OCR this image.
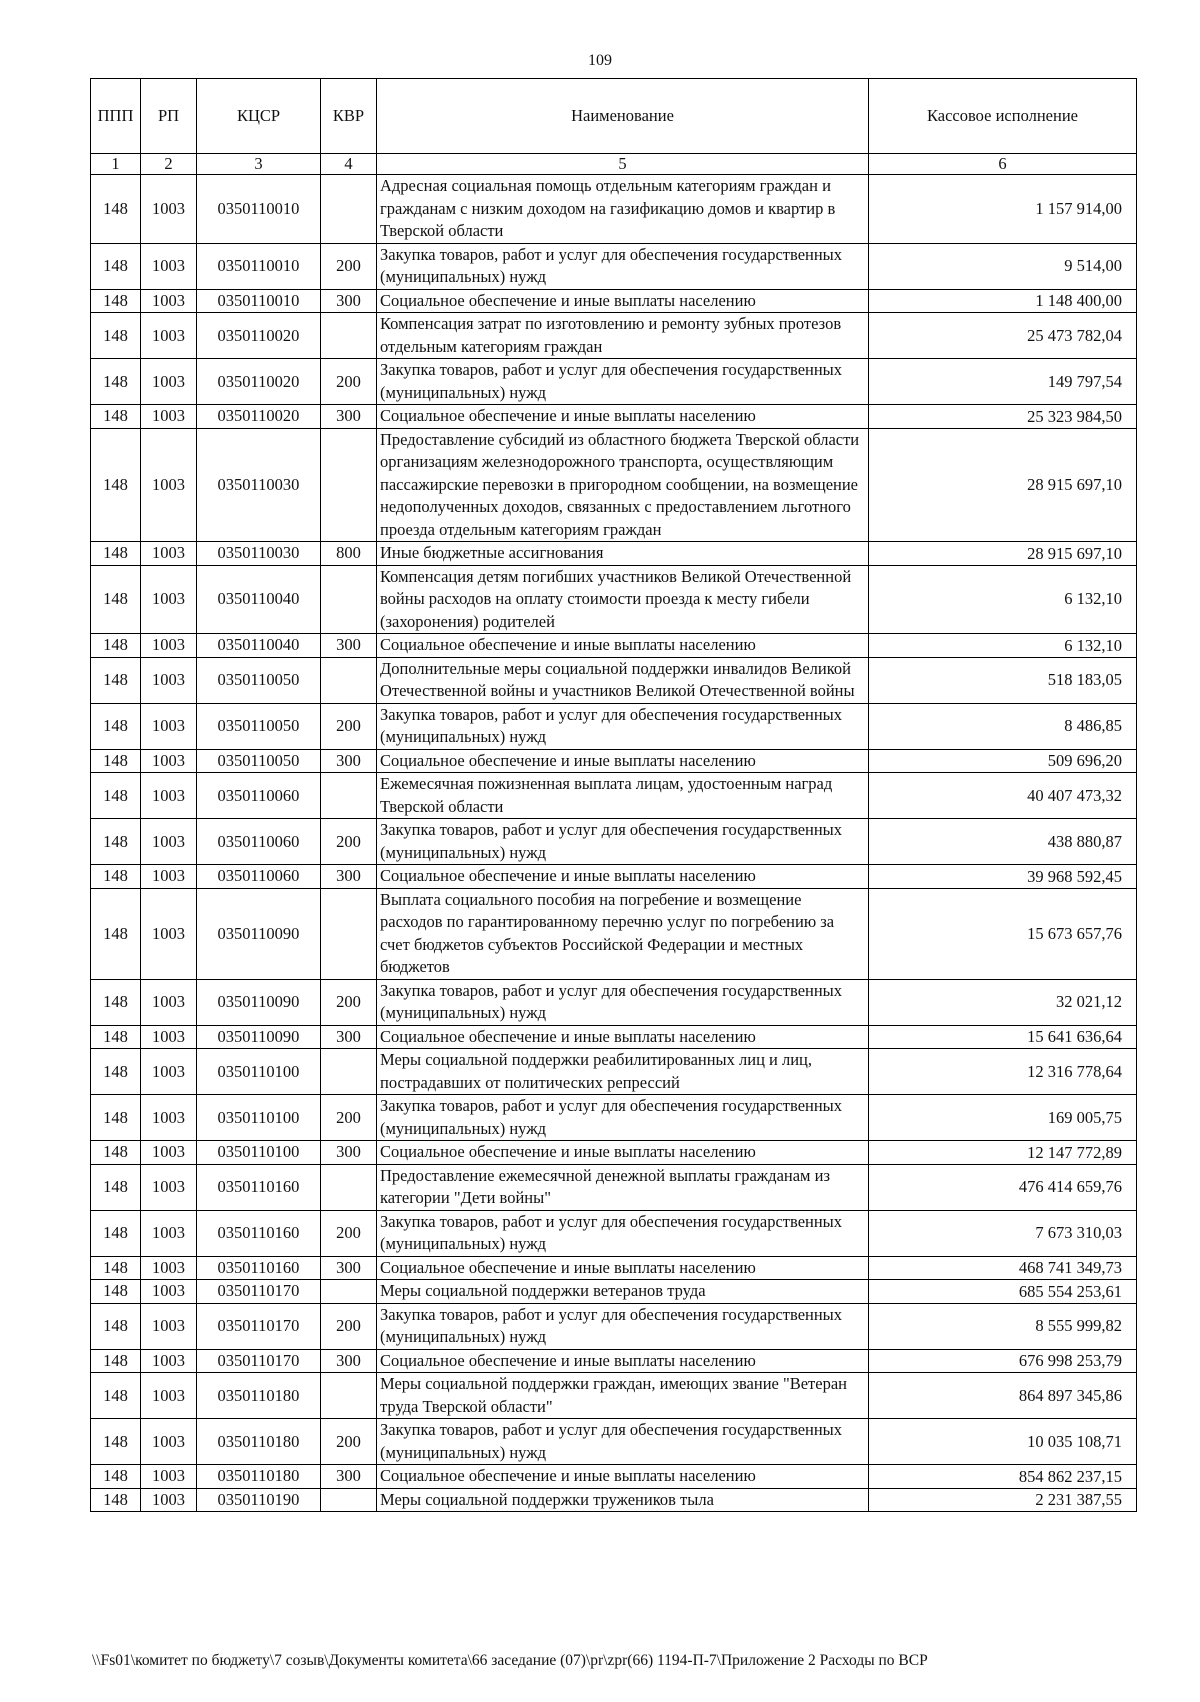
109
ППП	РП	КЦСР	КВР	Наименование	Кассовое исполнение
1	2	3	4	5	6
148	1003	0350110010		Адресная социальная помощь отдельным категориям граждан и гражданам с низким доходом на газификацию домов и квартир в Тверской области	1 157 914,00
148	1003	0350110010	200	Закупка товаров, работ и услуг для обеспечения государственных (муниципальных) нужд	9 514,00
148	1003	0350110010	300	Социальное обеспечение и иные выплаты населению	1 148 400,00
148	1003	0350110020		Компенсация затрат по изготовлению и ремонту зубных протезов отдельным категориям граждан	25 473 782,04
148	1003	0350110020	200	Закупка товаров, работ и услуг для обеспечения государственных (муниципальных) нужд	149 797,54
148	1003	0350110020	300	Социальное обеспечение и иные выплаты населению	25 323 984,50
148	1003	0350110030		Предоставление субсидий из областного бюджета Тверской области организациям железнодорожного транспорта, осуществляющим пассажирские перевозки в пригородном сообщении, на возмещение недополученных доходов, связанных с предоставлением льготного проезда отдельным категориям граждан	28 915 697,10
148	1003	0350110030	800	Иные бюджетные ассигнования	28 915 697,10
148	1003	0350110040		Компенсация детям погибших участников Великой Отечественной войны расходов на оплату стоимости проезда к месту гибели (захоронения) родителей	6 132,10
148	1003	0350110040	300	Социальное обеспечение и иные выплаты населению	6 132,10
148	1003	0350110050		Дополнительные меры социальной поддержки инвалидов Великой Отечественной войны и участников Великой Отечественной войны	518 183,05
148	1003	0350110050	200	Закупка товаров, работ и услуг для обеспечения государственных (муниципальных) нужд	8 486,85
148	1003	0350110050	300	Социальное обеспечение и иные выплаты населению	509 696,20
148	1003	0350110060		Ежемесячная пожизненная выплата лицам, удостоенным наград Тверской области	40 407 473,32
148	1003	0350110060	200	Закупка товаров, работ и услуг для обеспечения государственных (муниципальных) нужд	438 880,87
148	1003	0350110060	300	Социальное обеспечение и иные выплаты населению	39 968 592,45
148	1003	0350110090		Выплата социального пособия на погребение и возмещение расходов по гарантированному перечню услуг по погребению за счет бюджетов субъектов Российской Федерации и местных бюджетов	15 673 657,76
148	1003	0350110090	200	Закупка товаров, работ и услуг для обеспечения государственных (муниципальных) нужд	32 021,12
148	1003	0350110090	300	Социальное обеспечение и иные выплаты населению	15 641 636,64
148	1003	0350110100		Меры социальной поддержки реабилитированных лиц и лиц, пострадавших от политических репрессий	12 316 778,64
148	1003	0350110100	200	Закупка товаров, работ и услуг для обеспечения государственных (муниципальных) нужд	169 005,75
148	1003	0350110100	300	Социальное обеспечение и иные выплаты населению	12 147 772,89
148	1003	0350110160		Предоставление ежемесячной денежной выплаты гражданам из категории "Дети войны"	476 414 659,76
148	1003	0350110160	200	Закупка товаров, работ и услуг для обеспечения государственных (муниципальных) нужд	7 673 310,03
148	1003	0350110160	300	Социальное обеспечение и иные выплаты населению	468 741 349,73
148	1003	0350110170		Меры социальной поддержки ветеранов труда	685 554 253,61
148	1003	0350110170	200	Закупка товаров, работ и услуг для обеспечения государственных (муниципальных) нужд	8 555 999,82
148	1003	0350110170	300	Социальное обеспечение и иные выплаты населению	676 998 253,79
148	1003	0350110180		Меры социальной поддержки граждан, имеющих звание "Ветеран труда Тверской области"	864 897 345,86
148	1003	0350110180	200	Закупка товаров, работ и услуг для обеспечения государственных (муниципальных) нужд	10 035 108,71
148	1003	0350110180	300	Социальное обеспечение и иные выплаты населению	854 862 237,15
148	1003	0350110190		Меры социальной поддержки тружеников тыла	2 231 387,55
\\Fs01\комитет по бюджету\7 созыв\Документы комитета\66 заседание (07)\pr\zpr(66) 1194-П-7\Приложение 2 Расходы по ВСР
